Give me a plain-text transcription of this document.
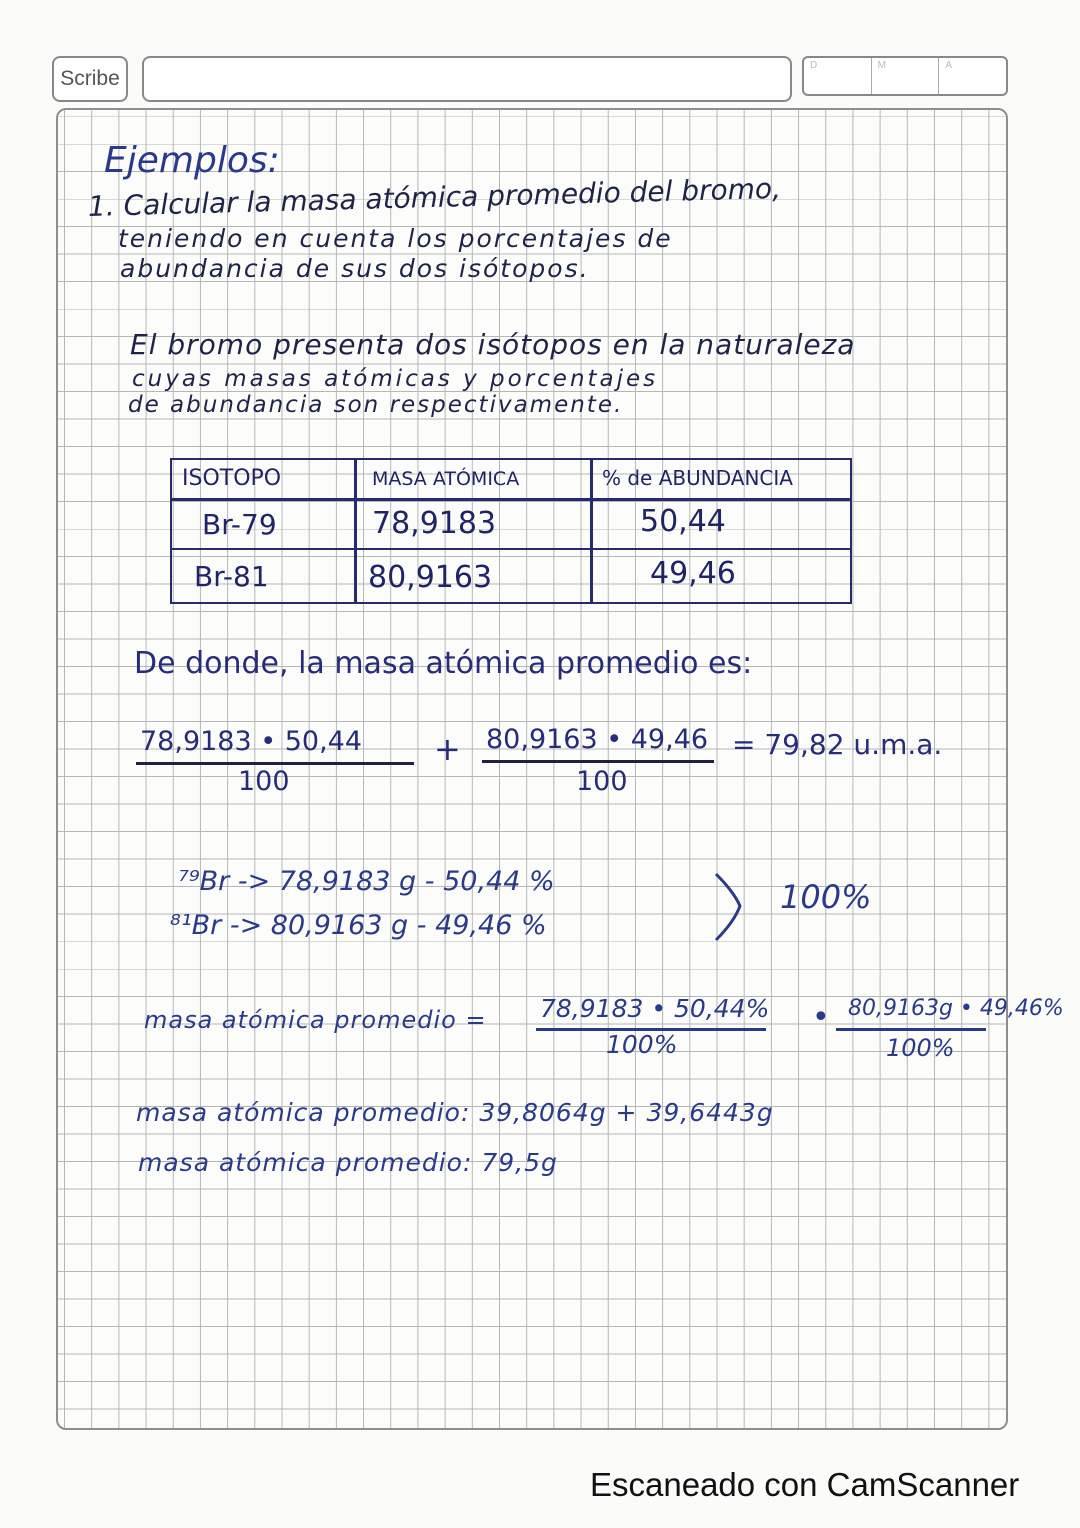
Scribe
D	M	A
Ejemplos:
1. Calcular la masa atómica promedio del bromo,
teniendo en cuenta los porcentajes de
abundancia de sus dos isótopos.
El bromo presenta dos isótopos en la naturaleza
cuyas masas atómicas y porcentajes
de abundancia son respectivamente.
De donde, la masa atómica promedio es:
78,9183 • 50,44
100
+ 80,9163 • 49,46
100
= 79,82 u.m.a.
⁷⁹Br -> 78,9183 g - 50,44 %
⁸¹Br -> 80,9163 g - 49,46 %
100%
masa atómica promedio = 78,9183 • 50,44%
100%
• 80,9163g • 49,46%
100%
masa atómica promedio: 39,8064g + 39,6443g
masa atómica promedio: 79,5g
ISOTOPO	MASA ATÓMICA	% de ABUNDANCIA
Br-79	78,9183	50,44
Br-81	80,9163	49,46
Escaneado con CamScanner
